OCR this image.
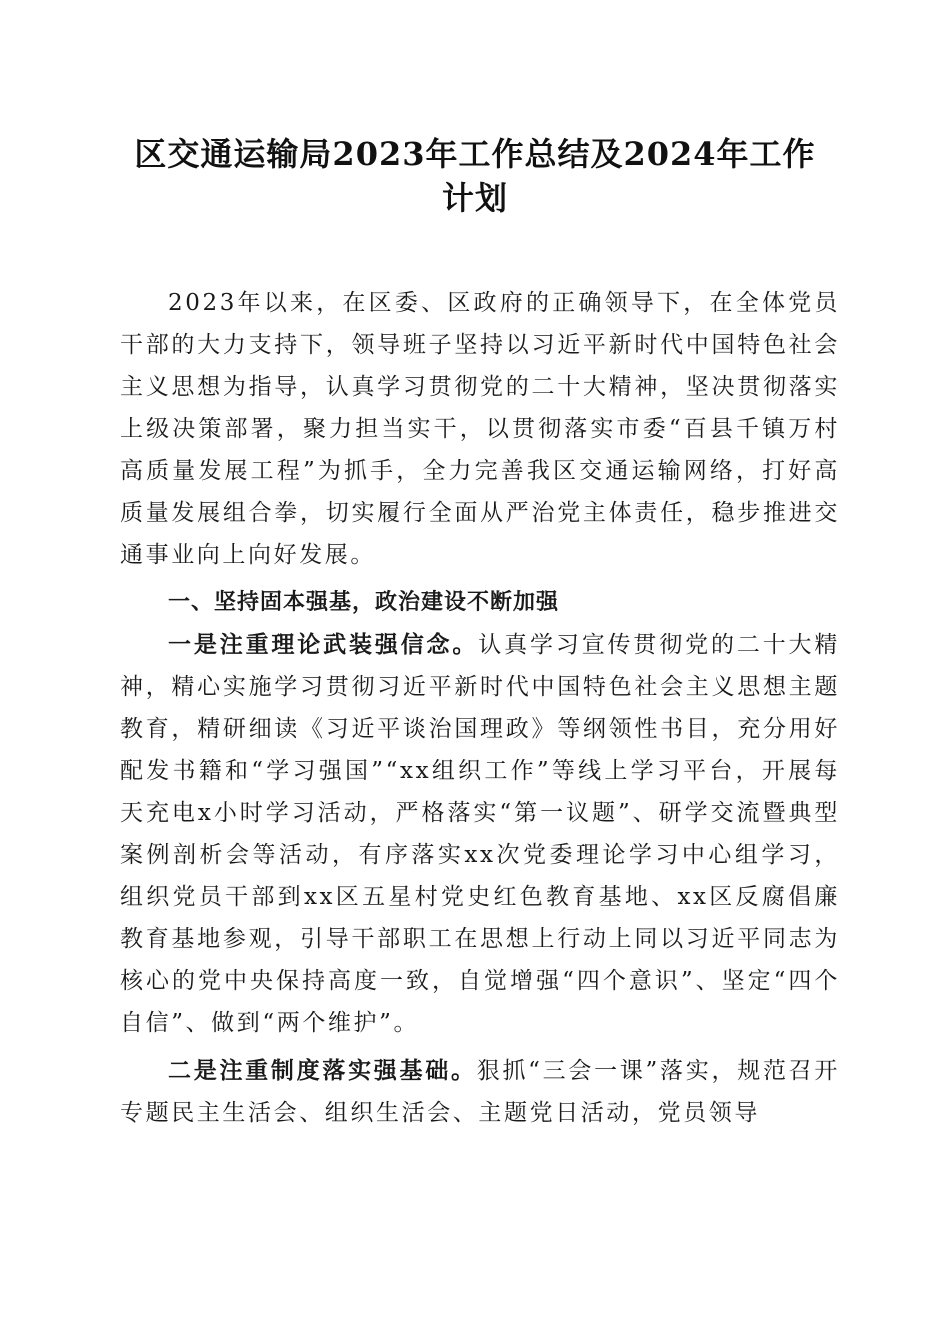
区交通运输局2023年工作总结及2024年工作
计划

2023年以来，在区委、区政府的正确领导下，在全体党员干部的大力支持下，领导班子坚持以习近平新时代中国特色社会主义思想为指导，认真学习贯彻党的二十大精神，坚决贯彻落实上级决策部署，聚力担当实干，以贯彻落实市委“百县千镇万村高质量发展工程”为抓手，全力完善我区交通运输网络，打好高质量发展组合拳，切实履行全面从严治党主体责任，稳步推进交通事业向上向好发展。

一、坚持固本强基，政治建设不断加强

一是注重理论武装强信念。认真学习宣传贯彻党的二十大精神，精心实施学习贯彻习近平新时代中国特色社会主义思想主题教育，精研细读《习近平谈治国理政》等纲领性书目，充分用好配发书籍和“学习强国”“xx组织工作”等线上学习平台，开展每天充电x小时学习活动，严格落实“第一议题”、研学交流暨典型案例剖析会等活动，有序落实xx次党委理论学习中心组学习，组织党员干部到xx区五星村党史红色教育基地、xx区反腐倡廉教育基地参观，引导干部职工在思想上行动上同以习近平同志为核心的党中央保持高度一致，自觉增强“四个意识”、坚定“四个自信”、做到“两个维护”。

二是注重制度落实强基础。狠抓“三会一课”落实，规范召开专题民主生活会、组织生活会、主题党日活动，党员领导
